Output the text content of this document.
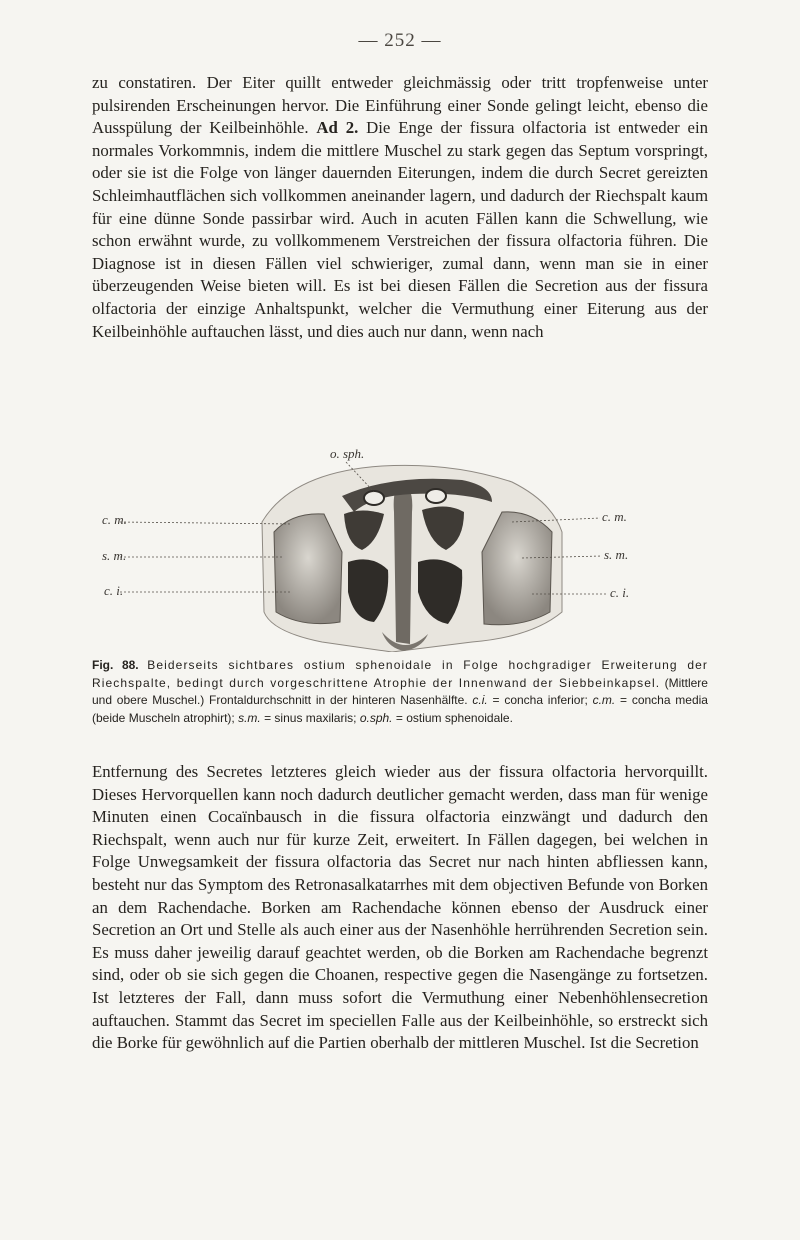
— 252 —

zu constatiren. Der Eiter quillt entweder gleichmässig oder tritt tropfenweise unter pulsirenden Erscheinungen hervor. Die Einführung einer Sonde gelingt leicht, ebenso die Ausspülung der Keilbeinhöhle. Ad 2. Die Enge der fissura olfactoria ist entweder ein normales Vorkommnis, indem die mittlere Muschel zu stark gegen das Septum vorspringt, oder sie ist die Folge von länger dauernden Eiterungen, indem die durch Secret gereizten Schleimhautflächen sich vollkommen aneinander lagern, und dadurch der Riechspalt kaum für eine dünne Sonde passirbar wird. Auch in acuten Fällen kann die Schwellung, wie schon erwähnt wurde, zu vollkommenem Verstreichen der fissura olfactoria führen. Die Diagnose ist in diesen Fällen viel schwieriger, zumal dann, wenn man sie in einer überzeugenden Weise bieten will. Es ist bei diesen Fällen die Secretion aus der fissura olfactoria der einzige Anhaltspunkt, welcher die Vermuthung einer Eiterung aus der Keilbeinhöhle auftauchen lässt, und dies auch nur dann, wenn nach

o. sph.
c. m.
s. m.
c. i.
c. m.
s. m.
c. i.

Fig. 88. Beiderseits sichtbares ostium sphenoidale in Folge hochgradiger Erweiterung der Riechspalte, bedingt durch vorgeschrittene Atrophie der Innenwand der Siebbeinkapsel. (Mittlere und obere Muschel.) Frontaldurchschnitt in der hinteren Nasenhälfte. c.i. = concha inferior; c.m. = concha media (beide Muscheln atrophirt); s.m. = sinus maxilaris; o.sph. = ostium sphenoidale.

Entfernung des Secretes letzteres gleich wieder aus der fissura olfactoria hervorquillt. Dieses Hervorquellen kann noch dadurch deutlicher gemacht werden, dass man für wenige Minuten einen Cocaïnbausch in die fissura olfactoria einzwängt und dadurch den Riechspalt, wenn auch nur für kurze Zeit, erweitert. In Fällen dagegen, bei welchen in Folge Unwegsamkeit der fissura olfactoria das Secret nur nach hinten abfliessen kann, besteht nur das Symptom des Retronasalkatarrhes mit dem objectiven Befunde von Borken an dem Rachendache. Borken am Rachendache können ebenso der Ausdruck einer Secretion an Ort und Stelle als auch einer aus der Nasenhöhle herrührenden Secretion sein. Es muss daher jeweilig darauf geachtet werden, ob die Borken am Rachendache begrenzt sind, oder ob sie sich gegen die Choanen, respective gegen die Nasengänge zu fortsetzen. Ist letzteres der Fall, dann muss sofort die Vermuthung einer Nebenhöhlensecretion auftauchen. Stammt das Secret im speciellen Falle aus der Keilbeinhöhle, so erstreckt sich die Borke für gewöhnlich auf die Partien oberhalb der mittleren Muschel. Ist die Secretion
